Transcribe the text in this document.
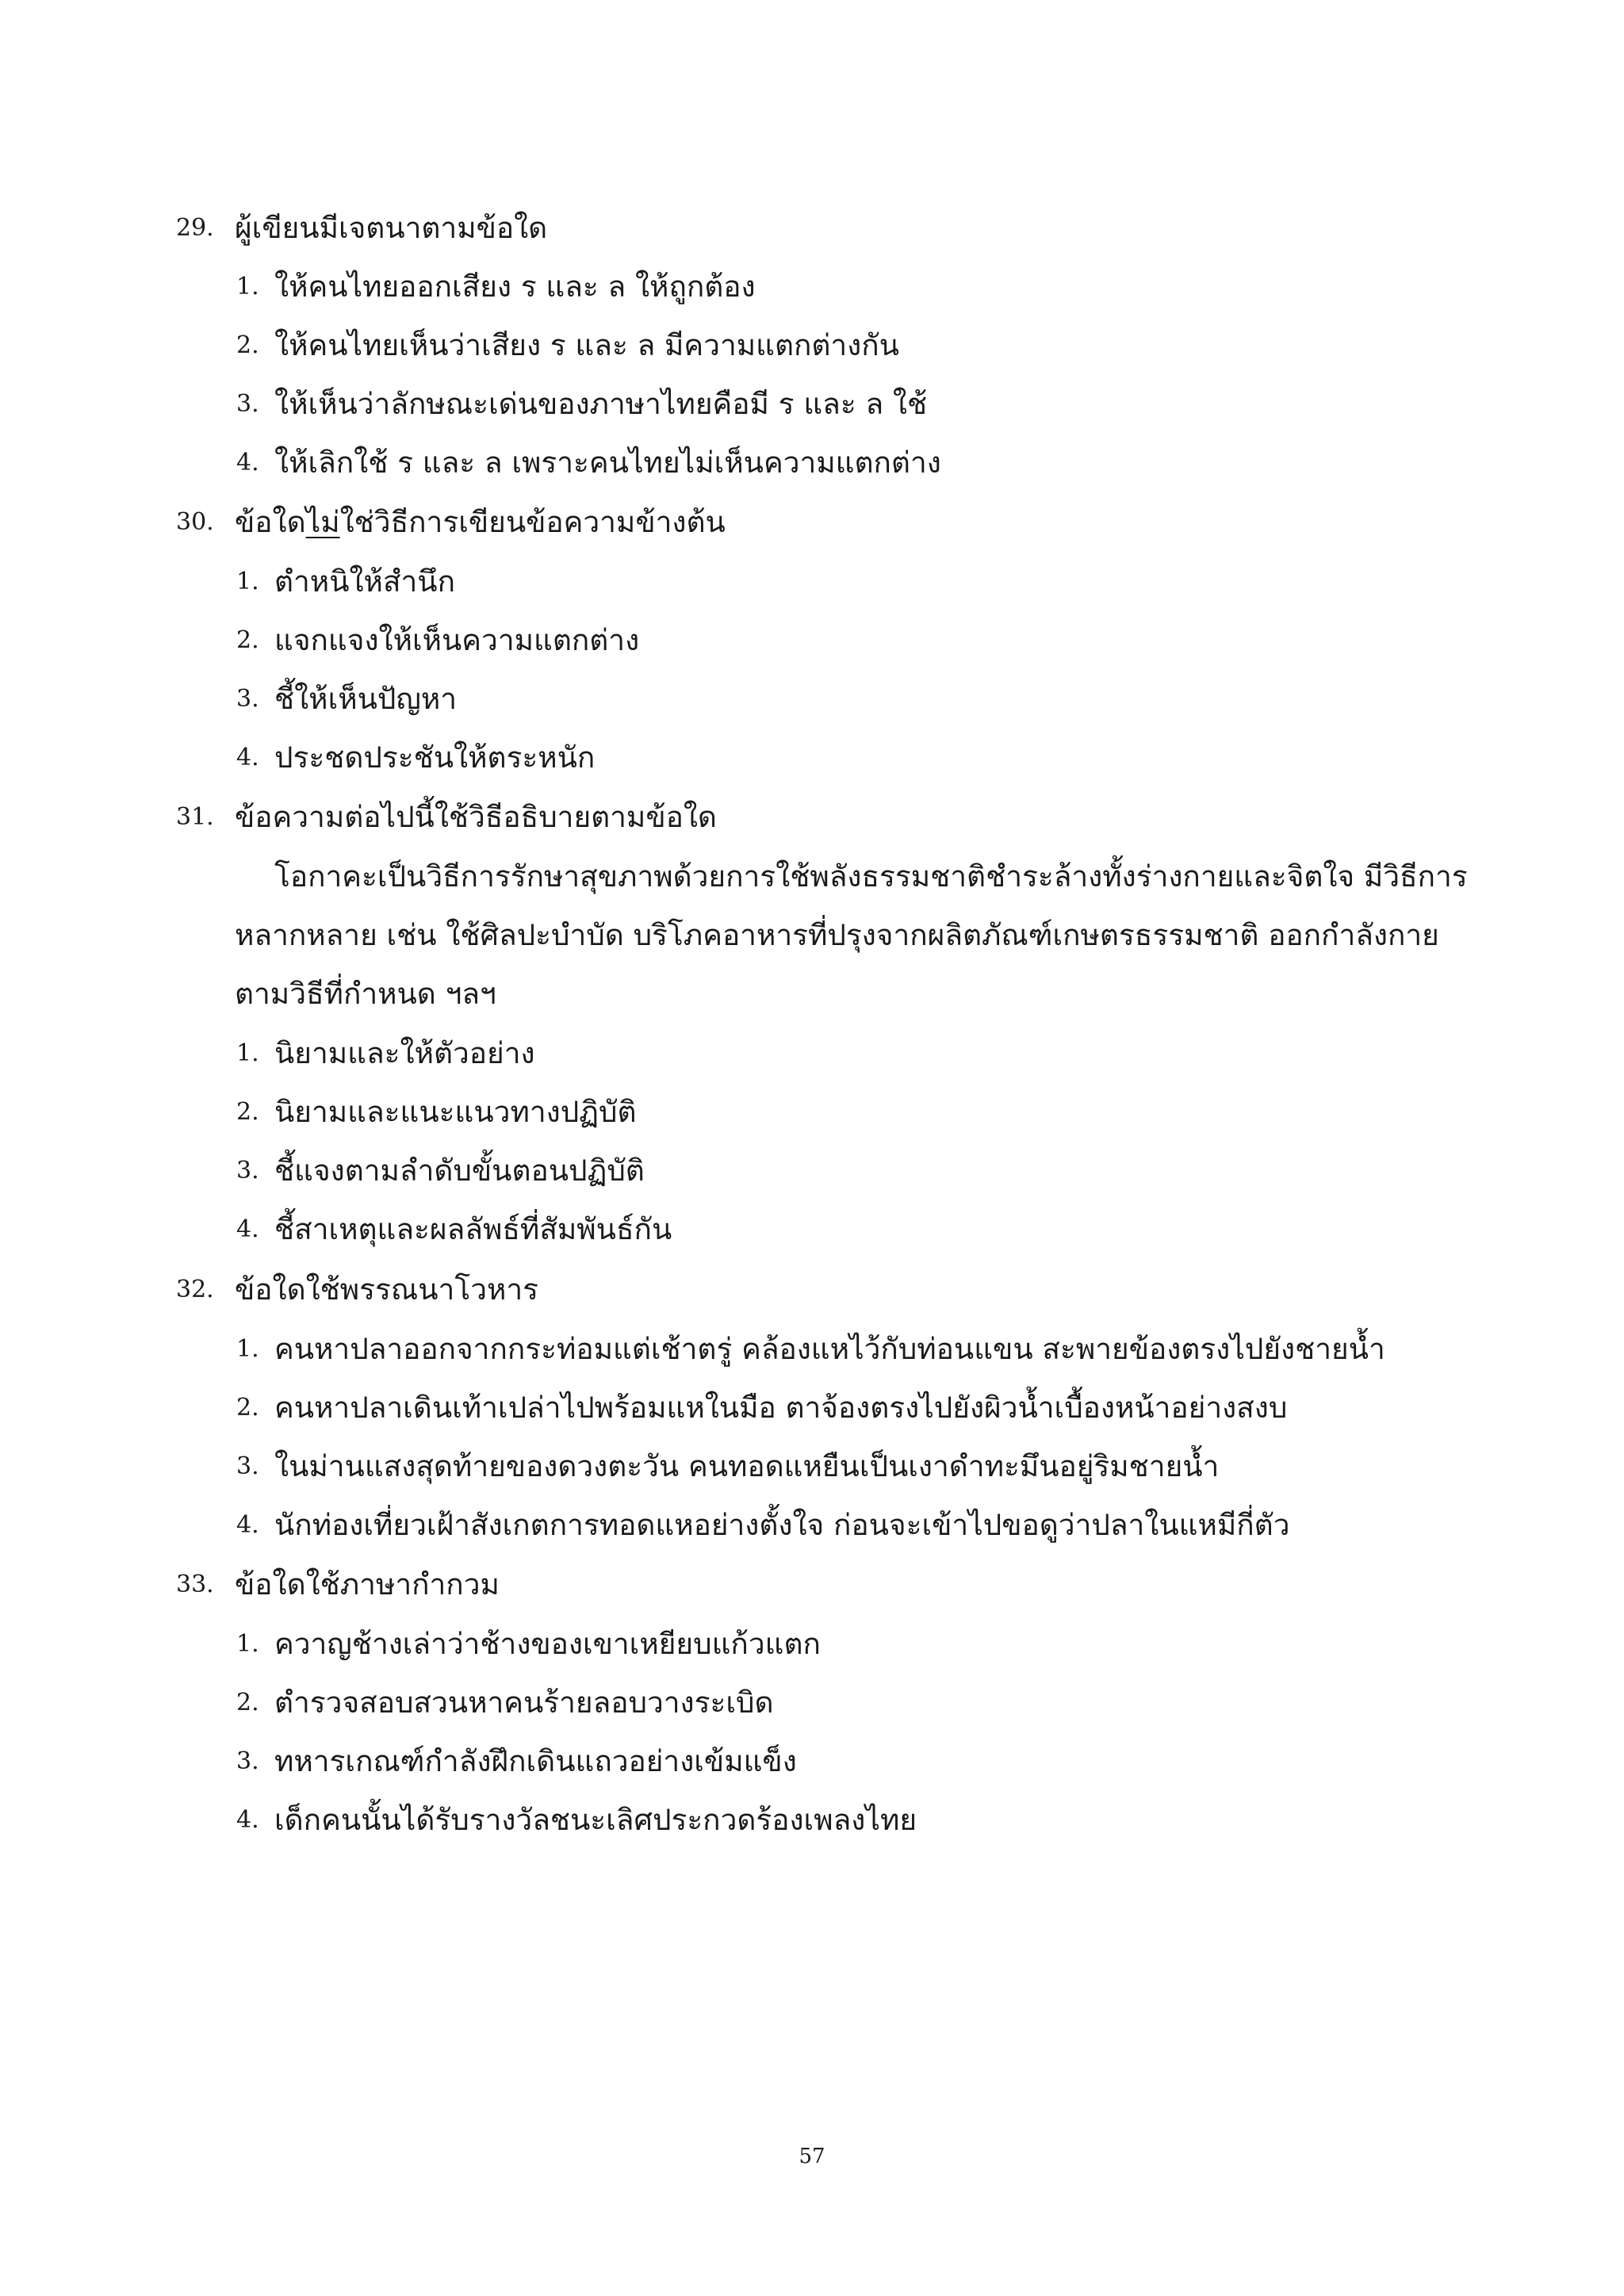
29. ผู้เขียนมีเจตนาตามข้อใด
1. ให้คนไทยออกเสียง ร และ ล ให้ถูกต้อง
2. ให้คนไทยเห็นว่าเสียง ร และ ล มีความแตกต่างกัน
3. ให้เห็นว่าลักษณะเด่นของภาษาไทยคือมี ร และ ล ใช้
4. ให้เลิกใช้ ร และ ล เพราะคนไทยไม่เห็นความแตกต่าง
30. ข้อใดไม่ใช่วิธีการเขียนข้อความข้างต้น
1. ตำหนิให้สำนึก
2. แจกแจงให้เห็นความแตกต่าง
3. ชี้ให้เห็นปัญหา
4. ประชดประชันให้ตระหนัก
31. ข้อความต่อไปนี้ใช้วิธีอธิบายตามข้อใด
โอกาคะเป็นวิธีการรักษาสุขภาพด้วยการใช้พลังธรรมชาติชำระล้างทั้งร่างกายและจิตใจ มีวิธีการ
หลากหลาย เช่น ใช้ศิลปะบำบัด บริโภคอาหารที่ปรุงจากผลิตภัณฑ์เกษตรธรรมชาติ ออกกำลังกาย
ตามวิธีที่กำหนด ฯลฯ
1. นิยามและให้ตัวอย่าง
2. นิยามและแนะแนวทางปฏิบัติ
3. ชี้แจงตามลำดับขั้นตอนปฏิบัติ
4. ชี้สาเหตุและผลลัพธ์ที่สัมพันธ์กัน
32. ข้อใดใช้พรรณนาโวหาร
1. คนหาปลาออกจากกระท่อมแต่เช้าตรู่ คล้องแหไว้กับท่อนแขน สะพายข้องตรงไปยังชายน้ำ
2. คนหาปลาเดินเท้าเปล่าไปพร้อมแหในมือ ตาจ้องตรงไปยังผิวน้ำเบื้องหน้าอย่างสงบ
3. ในม่านแสงสุดท้ายของดวงตะวัน คนทอดแหยืนเป็นเงาดำทะมึนอยู่ริมชายน้ำ
4. นักท่องเที่ยวเฝ้าสังเกตการทอดแหอย่างตั้งใจ ก่อนจะเข้าไปขอดูว่าปลาในแหมีกี่ตัว
33. ข้อใดใช้ภาษากำกวม
1. ควาญช้างเล่าว่าช้างของเขาเหยียบแก้วแตก
2. ตำรวจสอบสวนหาคนร้ายลอบวางระเบิด
3. ทหารเกณฑ์กำลังฝึกเดินแถวอย่างเข้มแข็ง
4. เด็กคนนั้นได้รับรางวัลชนะเลิศประกวดร้องเพลงไทย
57
